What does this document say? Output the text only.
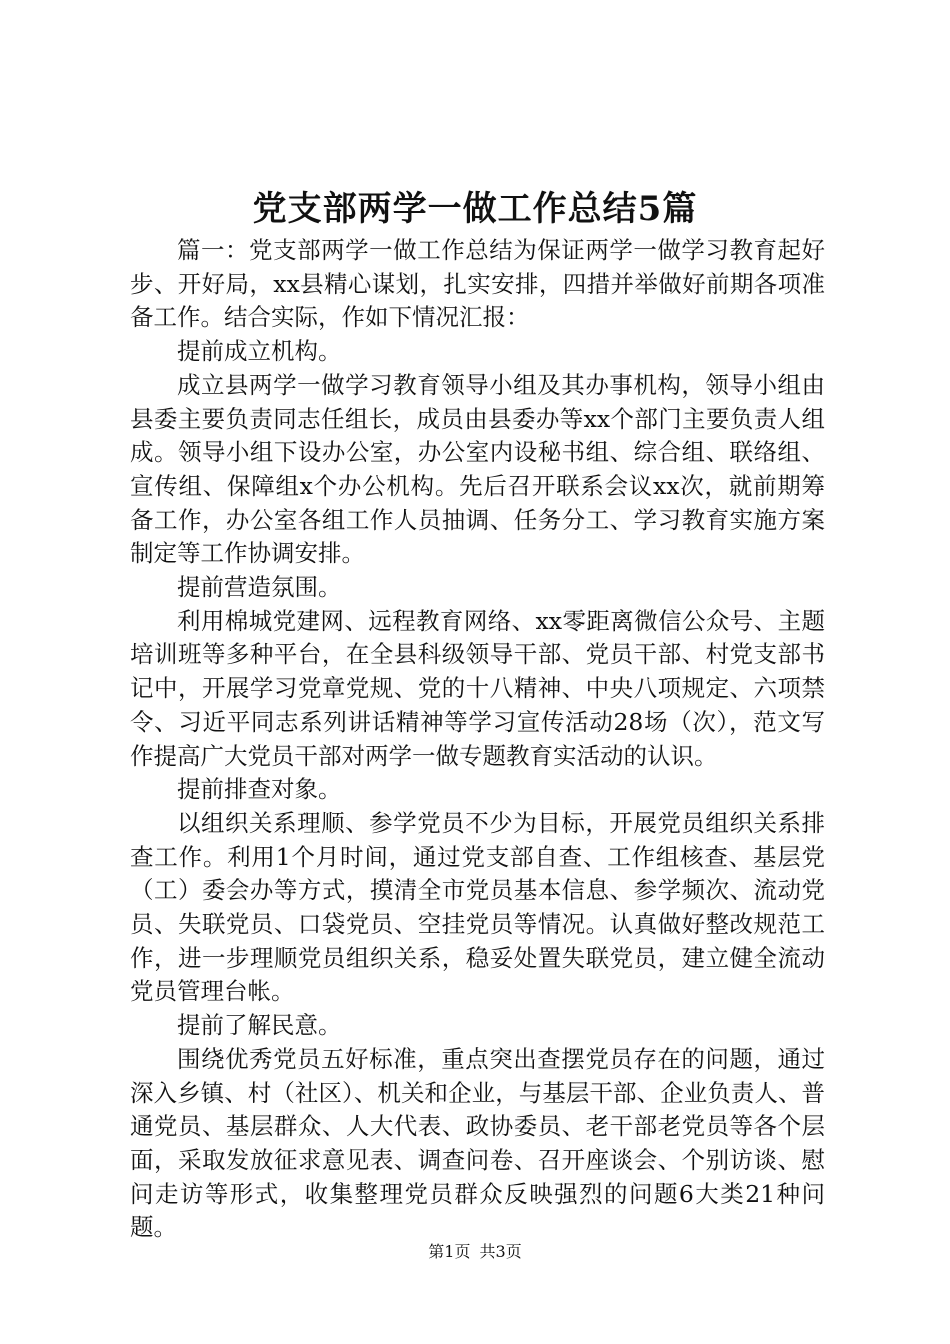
党支部两学一做工作总结5篇

篇一：党支部两学一做工作总结为保证两学一做学习教育起好步、开好局，xx县精心谋划，扎实安排，四措并举做好前期各项准备工作。结合实际，作如下情况汇报：

提前成立机构。

成立县两学一做学习教育领导小组及其办事机构，领导小组由县委主要负责同志任组长，成员由县委办等xx个部门主要负责人组成。领导小组下设办公室，办公室内设秘书组、综合组、联络组、宣传组、保障组x个办公机构。先后召开联系会议xx次，就前期筹备工作，办公室各组工作人员抽调、任务分工、学习教育实施方案制定等工作协调安排。

提前营造氛围。

利用棉城党建网、远程教育网络、xx零距离微信公众号、主题培训班等多种平台，在全县科级领导干部、党员干部、村党支部书记中，开展学习党章党规、党的十八精神、中央八项规定、六项禁令、习近平同志系列讲话精神等学习宣传活动28场（次），范文写作提高广大党员干部对两学一做专题教育实活动的认识。

提前排查对象。

以组织关系理顺、参学党员不少为目标，开展党员组织关系排查工作。利用1个月时间，通过党支部自查、工作组核查、基层党（工）委会办等方式，摸清全市党员基本信息、参学频次、流动党员、失联党员、口袋党员、空挂党员等情况。认真做好整改规范工作，进一步理顺党员组织关系，稳妥处置失联党员，建立健全流动党员管理台帐。

提前了解民意。

围绕优秀党员五好标准，重点突出查摆党员存在的问题，通过深入乡镇、村（社区）、机关和企业，与基层干部、企业负责人、普通党员、基层群众、人大代表、政协委员、老干部老党员等各个层面，采取发放征求意见表、调查问卷、召开座谈会、个别访谈、慰问走访等形式，收集整理党员群众反映强烈的问题6大类21种问题。

第1页 共3页
